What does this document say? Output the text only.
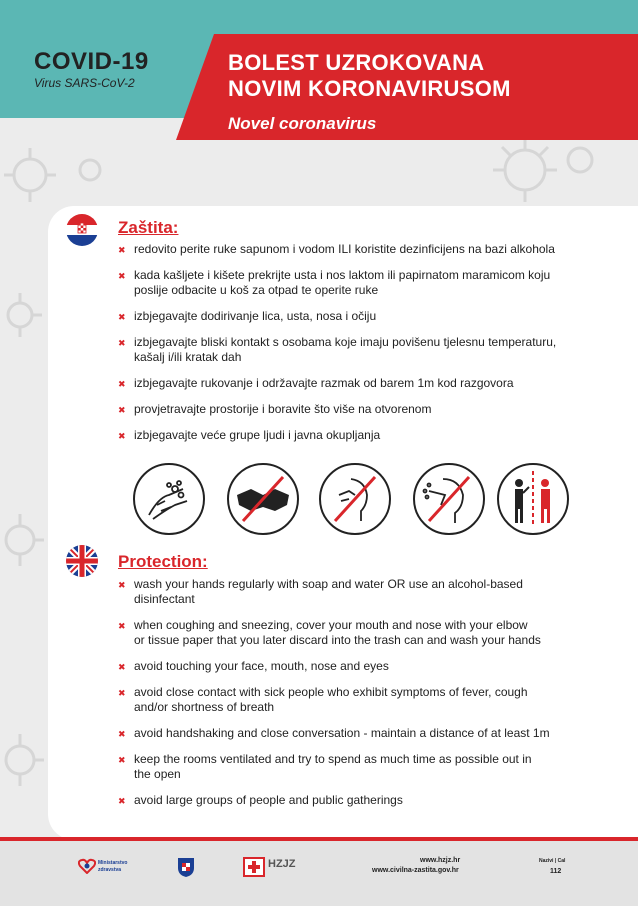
COVID-19
Virus SARS-CoV-2
BOLEST UZROKOVANA
NOVIM KORONAVIRUSOM
Novel coronavirus
Zaštita:
✖ redovito perite ruke sapunom i vodom ILI koristite dezinficijens na bazi alkohola
✖ kada kašljete i kišete prekrijte usta i nos laktom ili papirnatom maramicom koju
poslije odbacite u koš za otpad te operite ruke
✖ izbjegavajte dodirivanje lica, usta, nosa i očiju
✖ izbjegavajte bliski kontakt s osobama koje imaju povišenu tjelesnu temperaturu,
kašalj i/ili kratak dah
✖ izbjegavajte rukovanje i održavajte razmak od barem 1m kod razgovora
✖ provjetravajte prostorije i boravite što više na otvorenom
✖ izbjegavajte veće grupe ljudi i javna okupljanja
Protection:
✖ wash your hands regularly with soap and water OR use an alcohol-based
disinfectant
✖ when coughing and sneezing, cover your mouth and nose with your elbow
or tissue paper that you later discard into the trash can and wash your hands
✖ avoid touching your face, mouth, nose and eyes
✖ avoid close contact with sick people who exhibit symptoms of fever, cough
and/or shortness of breath
✖ avoid handshaking and close conversation - maintain a distance of at least 1m
✖ keep the rooms ventilated and try to spend as much time as possible out in
the open
✖ avoid large groups of people and public gatherings
Ministarstvo
zdravstva	HZJZ	www.hzjz.hr
www.civilna-zastita.gov.hr
Nazivi | Cal
112
